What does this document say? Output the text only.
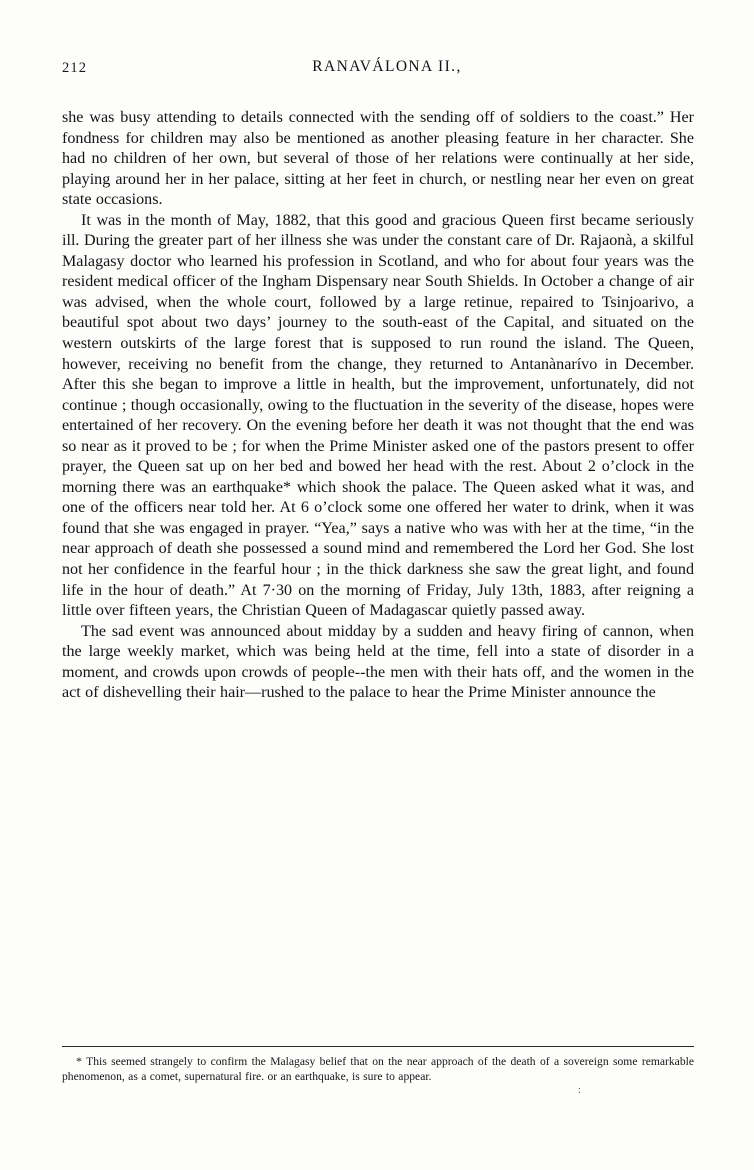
212	RANAVÁLONA II.,

she was busy attending to details connected with the sending off of soldiers to the coast.” Her fondness for children may also be mentioned as another pleasing feature in her character. She had no children of her own, but several of those of her relations were continually at her side, playing around her in her palace, sitting at her feet in church, or nestling near her even on great state occasions.

It was in the month of May, 1882, that this good and gracious Queen first became seriously ill. During the greater part of her illness she was under the constant care of Dr. Rajaonà, a skilful Malagasy doctor who learned his profession in Scotland, and who for about four years was the resident medical officer of the Ingham Dispensary near South Shields. In October a change of air was advised, when the whole court, followed by a large retinue, repaired to Tsinjoarivo, a beautiful spot about two days’ journey to the south-east of the Capital, and situated on the western outskirts of the large forest that is supposed to run round the island. The Queen, however, receiving no benefit from the change, they returned to Antanànarívo in December. After this she began to improve a little in health, but the improvement, unfortunately, did not continue ; though occasionally, owing to the fluctuation in the severity of the disease, hopes were entertained of her recovery. On the evening before her death it was not thought that the end was so near as it proved to be ; for when the Prime Minister asked one of the pastors present to offer prayer, the Queen sat up on her bed and bowed her head with the rest. About 2 o’clock in the morning there was an earthquake* which shook the palace. The Queen asked what it was, and one of the officers near told her. At 6 o’clock some one offered her water to drink, when it was found that she was engaged in prayer. “Yea,” says a native who was with her at the time, “in the near approach of death she possessed a sound mind and remembered the Lord her God. She lost not her confidence in the fearful hour ; in the thick darkness she saw the great light, and found life in the hour of death.” At 7·30 on the morning of Friday, July 13th, 1883, after reigning a little over fifteen years, the Christian Queen of Madagascar quietly passed away.

The sad event was announced about midday by a sudden and heavy firing of cannon, when the large weekly market, which was being held at the time, fell into a state of disorder in a moment, and crowds upon crowds of people--the men with their hats off, and the women in the act of dishevelling their hair—rushed to the palace to hear the Prime Minister announce the

* This seemed strangely to confirm the Malagasy belief that on the near approach of the death of a sovereign some remarkable phenomenon, as a comet, supernatural fire. or an earthquake, is sure to appear.

:
